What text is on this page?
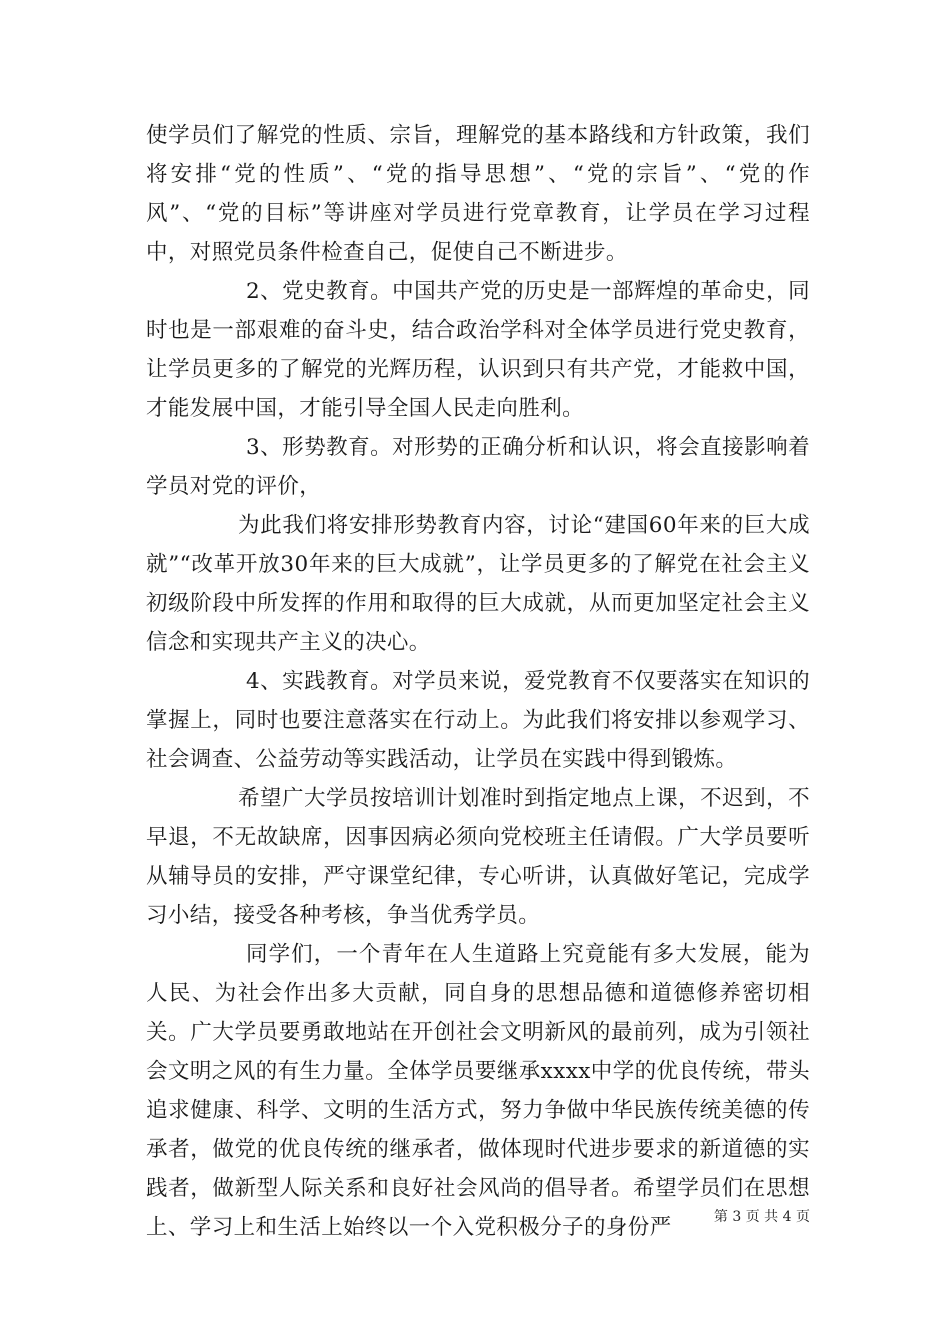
使学员们了解党的性质、宗旨，理解党的基本路线和方针政策，我们将安排“党的性质”、“党的指导思想”、“党的宗旨”、“党的作风”、“党的目标”等讲座对学员进行党章教育，让学员在学习过程中，对照党员条件检查自己，促使自己不断进步。

2、党史教育。中国共产党的历史是一部辉煌的革命史，同时也是一部艰难的奋斗史，结合政治学科对全体学员进行党史教育，让学员更多的了解党的光辉历程，认识到只有共产党，才能救中国，才能发展中国，才能引导全国人民走向胜利。

3、形势教育。对形势的正确分析和认识，将会直接影响着学员对党的评价，

为此我们将安排形势教育内容，讨论“建国60年来的巨大成就”“改革开放30年来的巨大成就”，让学员更多的了解党在社会主义初级阶段中所发挥的作用和取得的巨大成就，从而更加坚定社会主义信念和实现共产主义的决心。

4、实践教育。对学员来说，爱党教育不仅要落实在知识的掌握上，同时也要注意落实在行动上。为此我们将安排以参观学习、社会调查、公益劳动等实践活动，让学员在实践中得到锻炼。

希望广大学员按培训计划准时到指定地点上课，不迟到，不早退，不无故缺席，因事因病必须向党校班主任请假。广大学员要听从辅导员的安排，严守课堂纪律，专心听讲，认真做好笔记，完成学习小结，接受各种考核，争当优秀学员。

同学们，一个青年在人生道路上究竟能有多大发展，能为人民、为社会作出多大贡献，同自身的思想品德和道德修养密切相关。广大学员要勇敢地站在开创社会文明新风的最前列，成为引领社会文明之风的有生力量。全体学员要继承xxxx中学的优良传统，带头追求健康、科学、文明的生活方式，努力争做中华民族传统美德的传承者，做党的优良传统的继承者，做体现时代进步要求的新道德的实践者，做新型人际关系和良好社会风尚的倡导者。希望学员们在思想上、学习上和生活上始终以一个入党积极分子的身份严	第 3 页 共 4 页
